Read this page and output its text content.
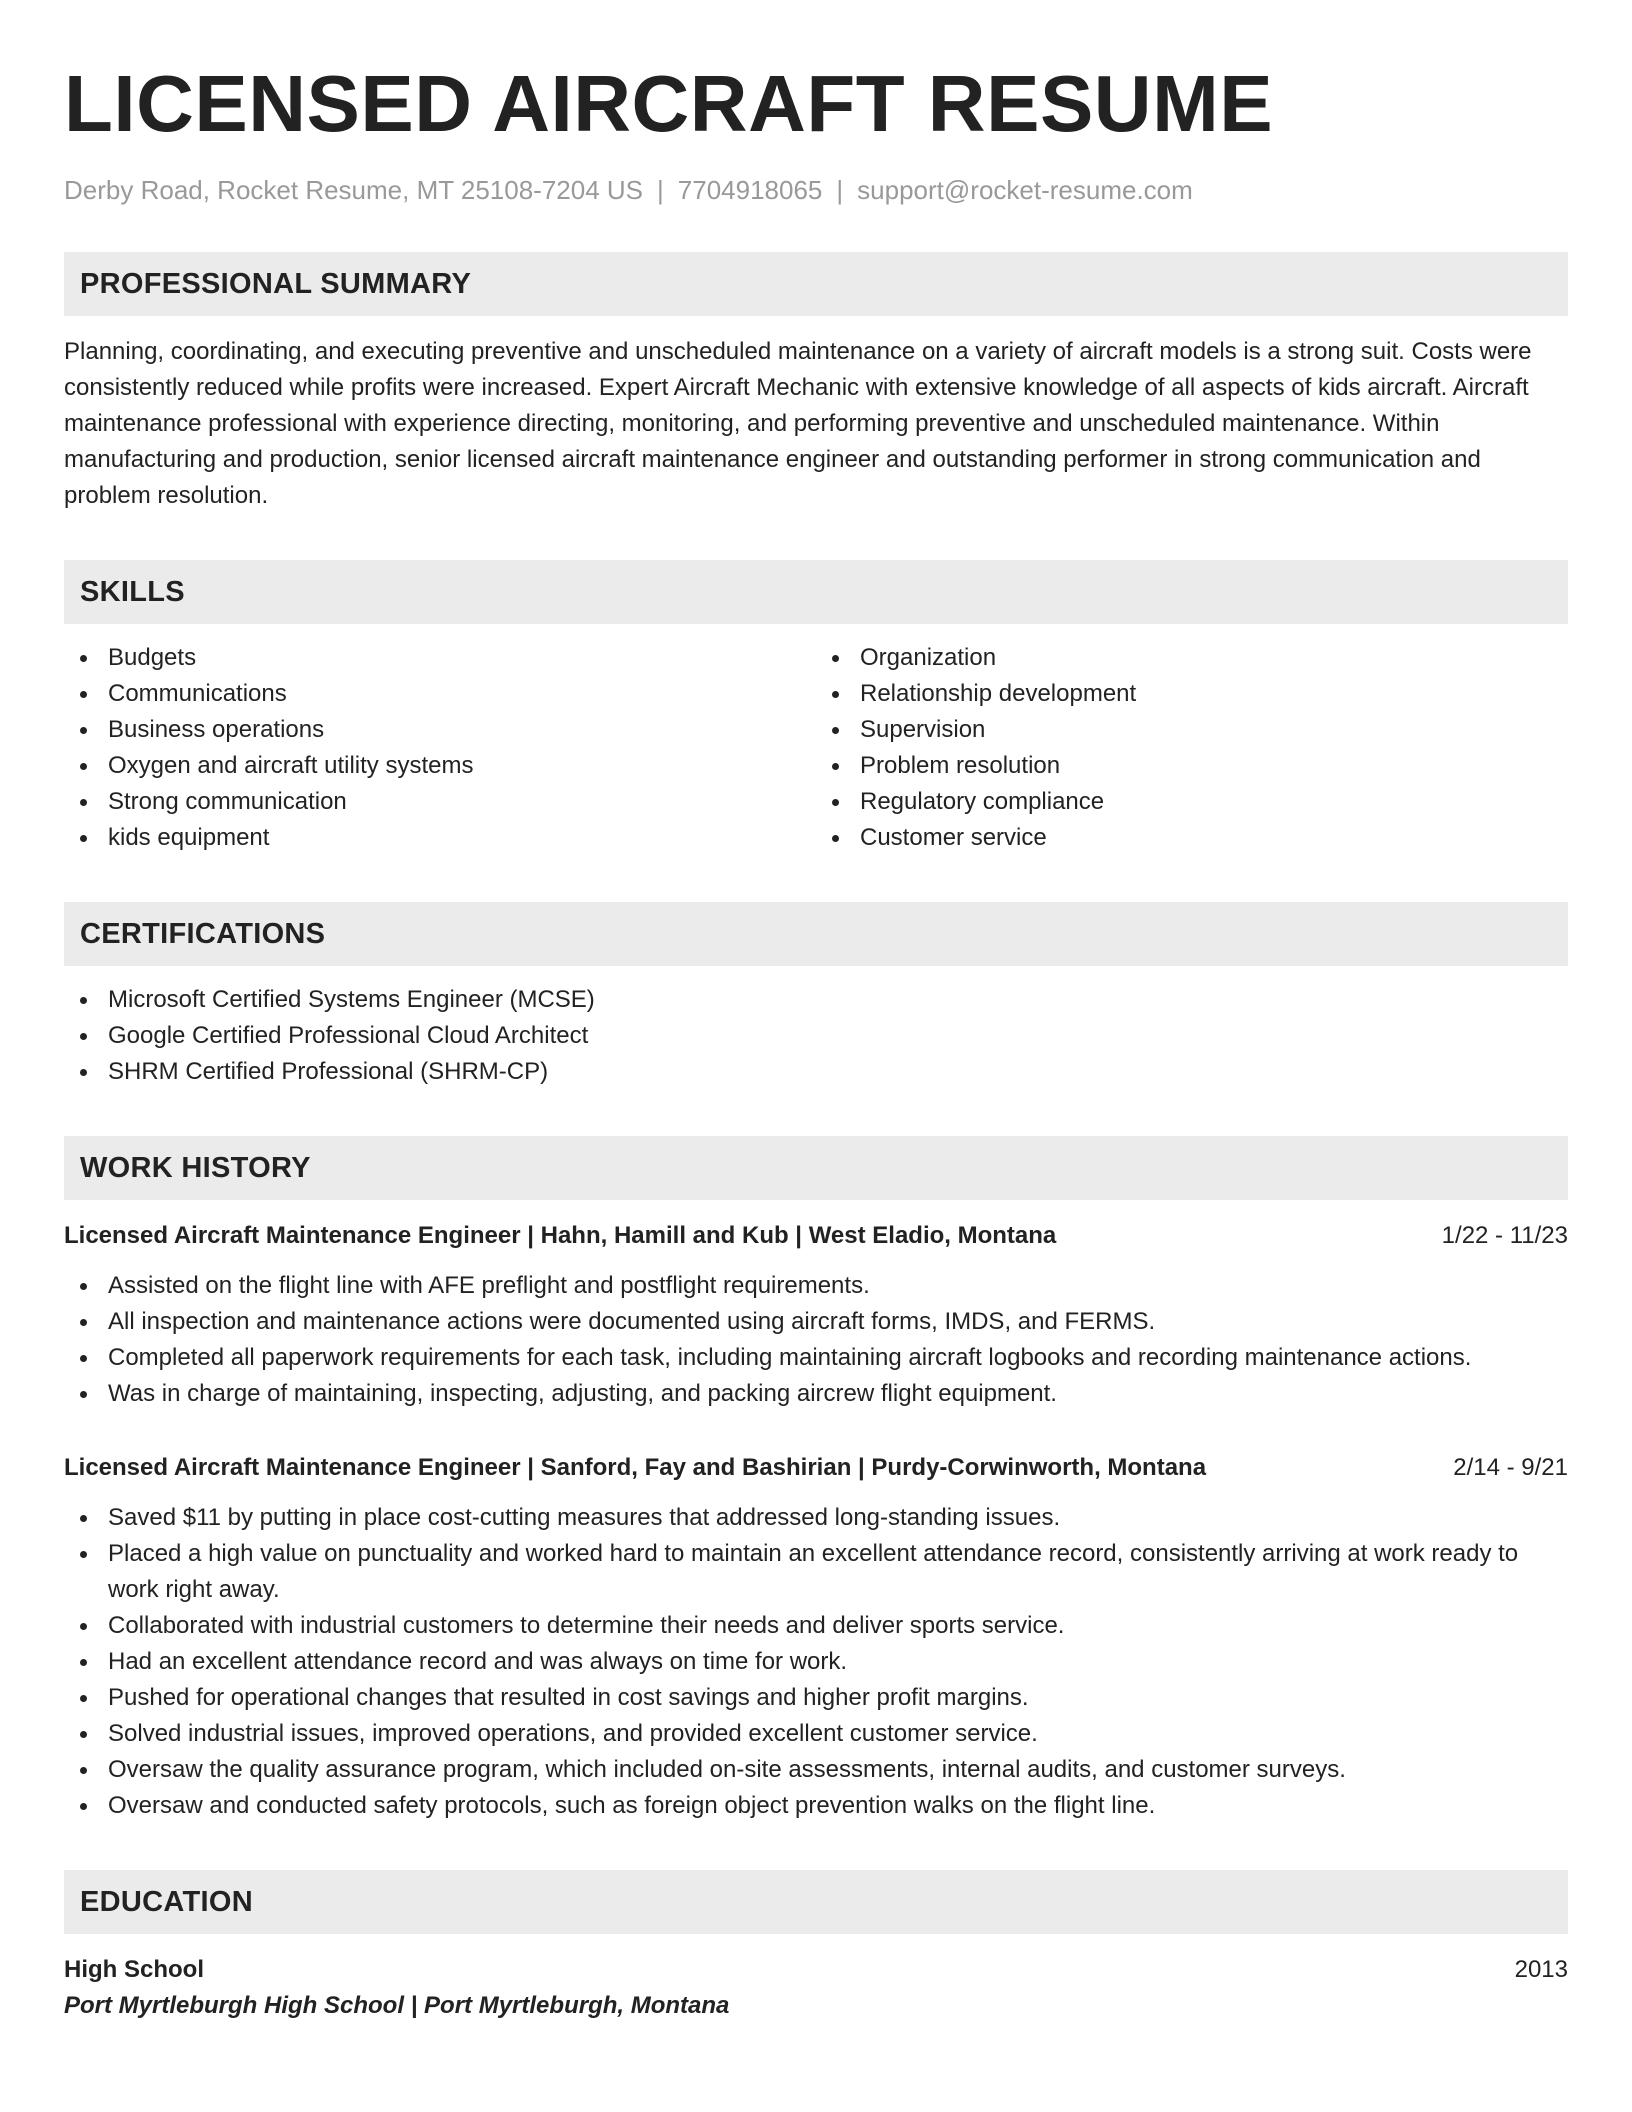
LICENSED AIRCRAFT RESUME
Derby Road, Rocket Resume, MT 25108-7204 US | 7704918065 | support@rocket-resume.com
PROFESSIONAL SUMMARY

Planning, coordinating, and executing preventive and unscheduled maintenance on a variety of aircraft models is a strong suit. Costs were consistently reduced while profits were increased. Expert Aircraft Mechanic with extensive knowledge of all aspects of kids aircraft. Aircraft maintenance professional with experience directing, monitoring, and performing preventive and unscheduled maintenance. Within manufacturing and production, senior licensed aircraft maintenance engineer and outstanding performer in strong communication and problem resolution.

SKILLS
Budgets
Communications
Business operations
Oxygen and aircraft utility systems
Strong communication
kids equipment
Organization
Relationship development
Supervision
Problem resolution
Regulatory compliance
Customer service
CERTIFICATIONS
Microsoft Certified Systems Engineer (MCSE)
Google Certified Professional Cloud Architect
SHRM Certified Professional (SHRM-CP)
WORK HISTORY
Licensed Aircraft Maintenance Engineer | Hahn, Hamill and Kub | West Eladio, Montana	1/22 - 11/23
Assisted on the flight line with AFE preflight and postflight requirements.
All inspection and maintenance actions were documented using aircraft forms, IMDS, and FERMS.
Completed all paperwork requirements for each task, including maintaining aircraft logbooks and recording maintenance actions.
Was in charge of maintaining, inspecting, adjusting, and packing aircrew flight equipment.
Licensed Aircraft Maintenance Engineer | Sanford, Fay and Bashirian | Purdy-Corwinworth, Montana	2/14 - 9/21
Saved $11 by putting in place cost-cutting measures that addressed long-standing issues.
Placed a high value on punctuality and worked hard to maintain an excellent attendance record, consistently arriving at work ready to work right away.
Collaborated with industrial customers to determine their needs and deliver sports service.
Had an excellent attendance record and was always on time for work.
Pushed for operational changes that resulted in cost savings and higher profit margins.
Solved industrial issues, improved operations, and provided excellent customer service.
Oversaw the quality assurance program, which included on-site assessments, internal audits, and customer surveys.
Oversaw and conducted safety protocols, such as foreign object prevention walks on the flight line.
EDUCATION
High School	2013
Port Myrtleburgh High School | Port Myrtleburgh, Montana
